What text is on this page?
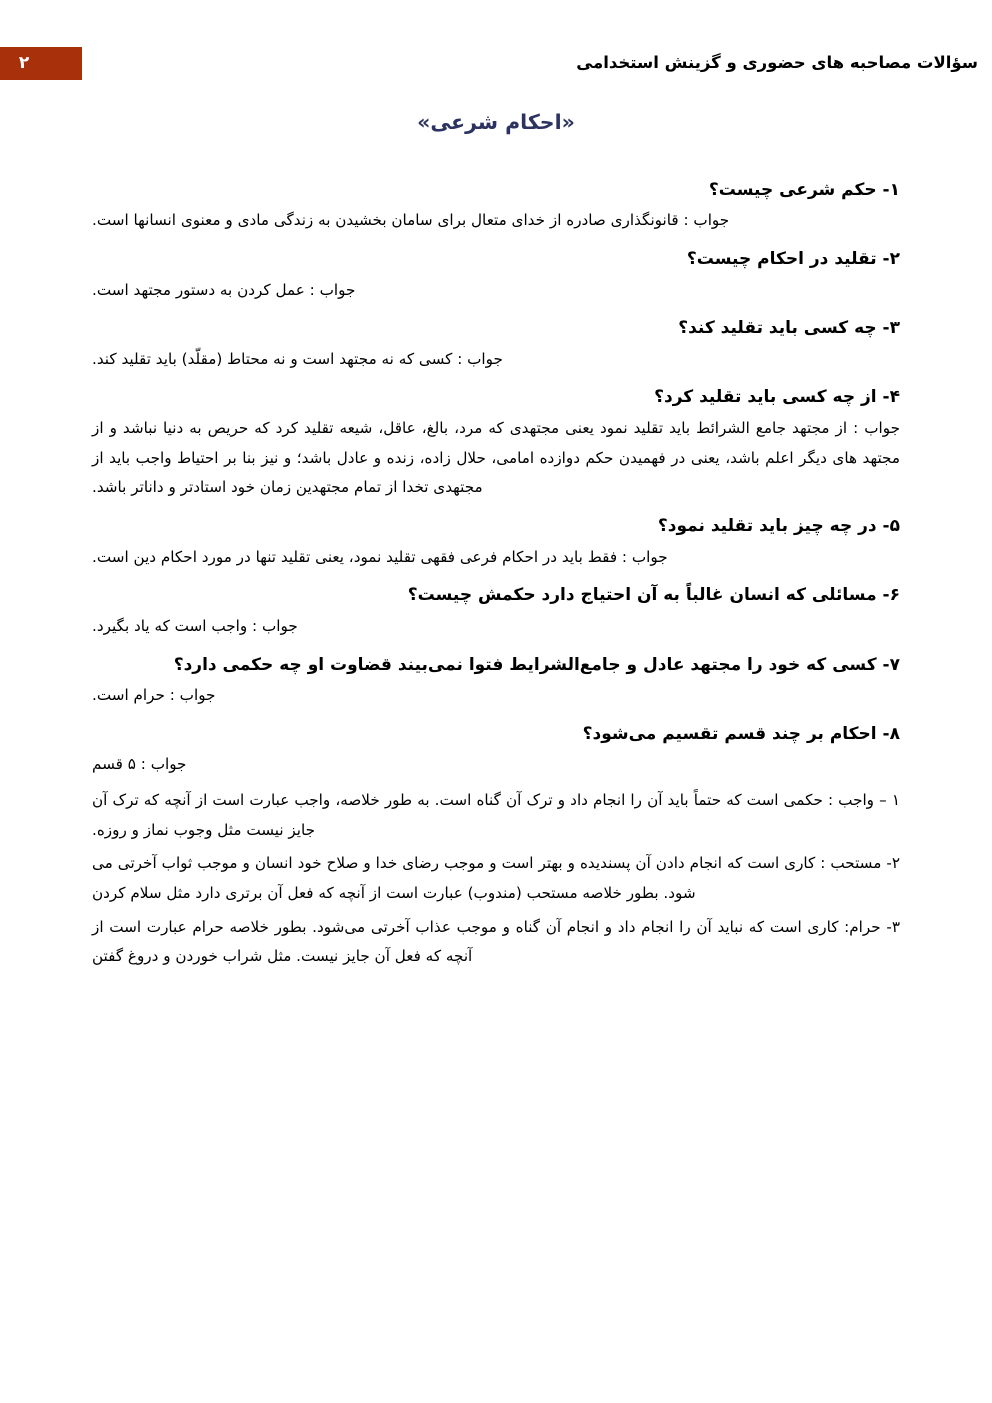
۲	سؤالات مصاحبه های حضوری و گزینش استخدامی
«احکام شرعی»

۱- حکم شرعی چیست؟

جواب : قانونگذاری صادره از خدای متعال برای سامان بخشیدن به زندگی مادی و معنوی انسانها است.

۲- تقلید در احکام چیست؟

جواب : عمل کردن به دستور مجتهد است.

۳- چه کسی باید تقلید کند؟

جواب : کسی که نه مجتهد است و نه محتاط (مقلّد) باید تقلید کند.

۴- از چه کسی باید تقلید کرد؟

جواب : از مجتهد جامع الشرائط باید تقلید نمود یعنی مجتهدی که مرد، بالغ، عاقل، شیعه تقلید کرد که حریص به دنیا نباشد و از مجتهد های دیگر اعلم باشد، یعنی در فهمیدن حکم دوازده امامی، حلال زاده، زنده و عادل باشد؛ و نیز بنا بر احتیاط واجب باید از مجتهدی تخدا از تمام مجتهدین زمان خود استادتر و داناتر باشد.

۵- در چه چیز باید تقلید نمود؟

جواب : فقط باید در احکام فرعی فقهی تقلید نمود، یعنی تقلید تنها در مورد احکام دین است.

۶- مسائلی که انسان غالباً به آن احتیاج دارد حکمش چیست؟

جواب : واجب است که یاد بگیرد.

۷- کسی که خود را مجتهد عادل و جامع‌الشرایط فتوا نمی‌بیند قضاوت او چه حکمی دارد؟

جواب : حرام است.

۸- احکام بر چند قسم تقسیم می‌شود؟

جواب : ۵ قسم

۱ – واجب : حکمی است که حتماً باید آن را انجام داد و ترک آن گناه است. به طور خلاصه، واجب عبارت است از آنچه که ترک آن جایز نیست مثل وجوب نماز و روزه.
۲- مستحب : کاری است که انجام دادن آن پسندیده و بهتر است و موجب رضای خدا و صلاح خود انسان و موجب ثواب آخرتی می شود. بطور خلاصه مستحب (مندوب) عبارت است از آنچه که فعل آن برتری دارد مثل سلام کردن
۳- حرام: کاری است که نباید آن را انجام داد و انجام آن گناه و موجب عذاب آخرتی می‌شود. بطور خلاصه حرام عبارت است از آنچه که فعل آن جایز نیست. مثل شراب خوردن و دروغ گفتن
